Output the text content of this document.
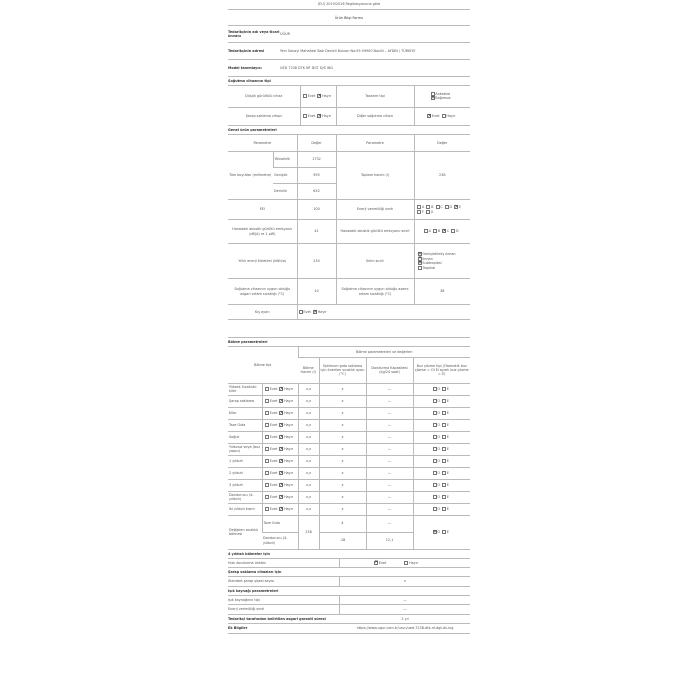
(EU) 2019/2016 Regülasyonuna göre
Ürün Bilgi Formu
Tedarikçinin adı veya ticari ünvanı
UĞUR
Tedarikçinin adresi	Yeni Sanayi Mahallesi Batı Denizli Bulvarı No:95 09900 Nazilli – AYDIN / TÜRKİYE
Model tanımlayıcı	UED 7238 DTK NF DGT D/S ING
Soğutma cihazının tipi
Düşük gürültülü cihaz	Evet ✕ Hayır	Tasarım tipi	Ankastre
✕Bağımsız

Şarap saklama cihazı	Evet ✕ Hayır	Diğer soğutma cihazı	✕Evet Hayır
Genel ürün parametreleri
Parametre		Değer	Parametre	Değer
Tüm boyutlar (milimetre)	Yükseklik	1732	Toplam hacmi (l)	238
	Genişlik	595		
	Derinlik	632		
EEI		100	Enerji verimliliği sınıfı	A B C D ✕ EF G
Havadaki akustik gürültü emisyonu (dB(A) re 1 pW)		41	Havadaki akustik gürültü emisyonu sınıfı	A B ✕ C D
Yıllık enerji tüketimi (kWh/a)		234	İklim sınıfı	
✕Genişletilmiş ılıman
✕Ilıman
✕Subtropikal
Tropikal

Soğutma cihazının uygun olduğu asgari ortam sıcaklığı (°C)		10	Soğutma cihazının uygun olduğu azami ortam sıcaklığı (°C)	38
Kış ayarı		Evet ✕ Hayır
Bölme parametreleri
Bölme tipi		Bölme parametreleri ve değerleri			
		Bölme Hacmi (l)	Optimum gıda saklama için önerilen sıcaklık ayarı (°C)	Dondurma Kapasitesi (kg/24 saat)	Buz çözme tipi (Otomatik buz çözme = OI El ayarlı buz çözme = E)
Yüksek Sıcaklıklı kiler	Evet ✕ Hayır	x,x	x	—	O E
Şarap saklama	Evet ✕ Hayır	x,x	x	—	O E
Kiler	Evet ✕ Hayır	x,x	x	—	O E
Taze Gıda	Evet ✕ Hayır	x,x	x	—	O E
Soğuk	Evet ✕ Hayır	x,x	x	—	O E
Yıldızsız veya (buz yapıcı)	Evet ✕ Hayır	x,x	x	—	O E
1 yıldızlı	Evet ✕ Hayır	x,x	x	—	O E
2 yıldızlı	Evet ✕ Hayır	x,x	x	—	O E
3 yıldızlı	Evet ✕ Hayır	x,x	x	—	O E
Dondurucu (4-yıldızlı)	Evet ✕ Hayır	x,x	x	—	O E
İki yıldızlı kısım	Evet ✕ Hayır	x,x	x	—	O E
Değişken sıcaklık bölmesi	Taze Gıda	238	4	—	✕O E
	Dondurucu (4-yıldızlı)		-18	12,1	
4 yıldızlı bölmeler için
Hızlı dondurma imkânı ✕	Evet	Hayır
Şarap saklama cihazları için
Standart şarap şişesi sayısı	x
Işık kaynağı parametreleri
Işık kaynağının tipi	—
Enerji verimliliği sınıfı	—
Tedarikçi tarafından belirtilen asgari garanti süresi	2 yıl
Ek Bilgiler	https://www.ugur.com.tr/urun/ued-7238-dtk-nf-dgt-ds-ing
